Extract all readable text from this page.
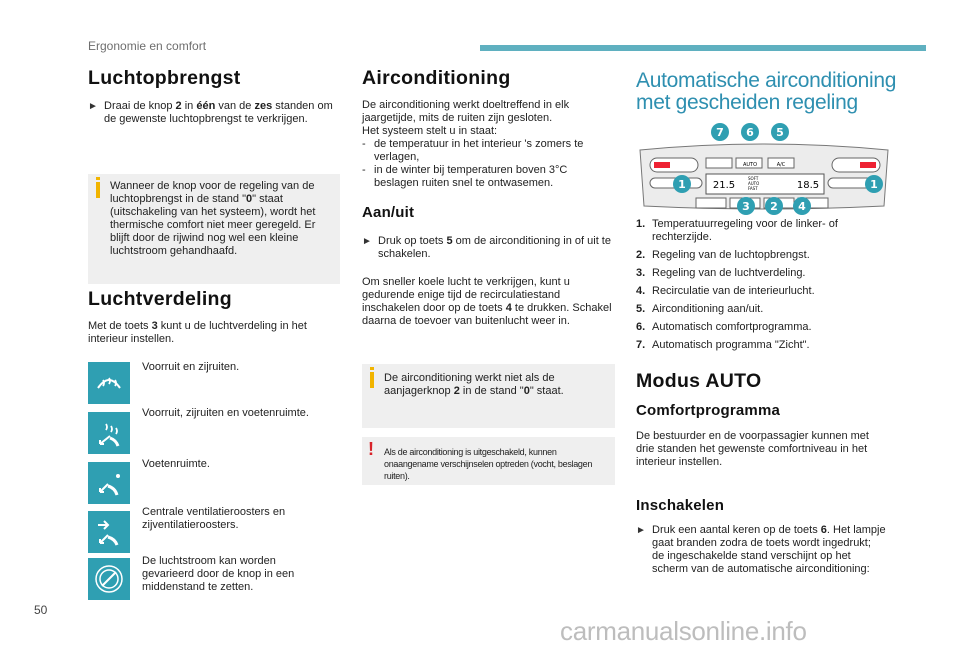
Ergonomie en comfort
Luchtopbrengst
► Draai de knop 2 in één van de zes standen om de gewenste luchtopbrengst te verkrijgen.
Wanneer de knop voor de regeling van de luchtopbrengst in de stand "0" staat (uitschakeling van het systeem), wordt het thermische comfort niet meer geregeld. Er blijft door de rijwind nog wel een kleine luchtstroom gehandhaafd.
Luchtverdeling
Met de toets 3 kunt u de luchtverdeling in het interieur instellen.
Voorruit en zijruiten.
Voorruit, zijruiten en voetenruimte.
Voetenruimte.
Centrale ventilatieroosters en zijventilatieroosters.
De luchtstroom kan worden gevarieerd door de knop in een middenstand te zetten.
Airconditioning
De airconditioning werkt doeltreffend in elk jaargetijde, mits de ruiten zijn gesloten.
Het systeem stelt u in staat:
- de temperatuur in het interieur 's zomers te verlagen,
- in de winter bij temperaturen boven 3°C beslagen ruiten snel te ontwasemen.
Aan/uit
► Druk op toets 5 om de airconditioning in of uit te schakelen.
Om sneller koele lucht te verkrijgen, kunt u gedurende enige tijd de recirculatiestand inschakelen door op de toets 4 te drukken. Schakel daarna de toevoer van buitenlucht weer in.
De airconditioning werkt niet als de aanjagerknop 2 in de stand "0" staat.
! Als de airconditioning is uitgeschakeld, kunnen onaangename verschijnselen optreden (vocht, beslagen ruiten).
Automatische airconditioning
met gescheiden regeling
AUTO	A/C
21.5
SOFT
AUTO
FAST	18.5
7 6 5
1	1
3 2 4
1. Temperatuurregeling voor de linker- of rechterzijde.
2. Regeling van de luchtopbrengst.
3. Regeling van de luchtverdeling.
4. Recirculatie van de interieurlucht.
5. Airconditioning aan/uit.
6. Automatisch comfortprogramma.
7. Automatisch programma "Zicht".
Modus AUTO
Comfortprogramma
De bestuurder en de voorpassagier kunnen met drie standen het gewenste comfortniveau in het interieur instellen.
Inschakelen
► Druk een aantal keren op de toets 6. Het lampje gaat branden zodra de toets wordt ingedrukt; de ingeschakelde stand verschijnt op het scherm van de automatische airconditioning:
50
carmanualsonline.info
